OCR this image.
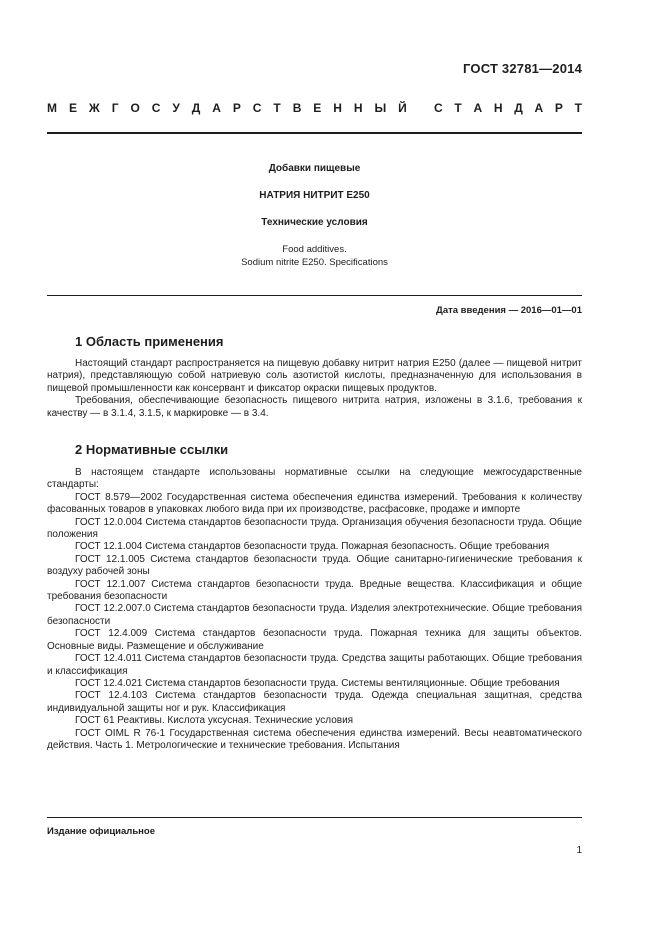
ГОСТ 32781—2014
М Е Ж Г О С У Д А Р С Т В Е Н Н Ы Й С Т А Н Д А Р Т
Добавки пищевые
НАТРИЯ НИТРИТ Е250
Технические условия
Food additives.
Sodium nitrite E250. Specifications
Дата введения — 2016—01—01
1 Область применения

Настоящий стандарт распространяется на пищевую добавку нитрит натрия Е250 (далее — пищевой нитрит натрия), представляющую собой натриевую соль азотистой кислоты, предназначенную для использования в пищевой промышленности как консервант и фиксатор окраски пищевых продуктов.

Требования, обеспечивающие безопасность пищевого нитрита натрия, изложены в 3.1.6, требования к качеству — в 3.1.4, 3.1.5, к маркировке — в 3.4.

2 Нормативные ссылки

В настоящем стандарте использованы нормативные ссылки на следующие межгосударственные стандарты:

ГОСТ 8.579—2002 Государственная система обеспечения единства измерений. Требования к количеству фасованных товаров в упаковках любого вида при их производстве, расфасовке, продаже и импорте

ГОСТ 12.0.004 Система стандартов безопасности труда. Организация обучения безопасности труда. Общие положения

ГОСТ 12.1.004 Система стандартов безопасности труда. Пожарная безопасность. Общие требования

ГОСТ 12.1.005 Система стандартов безопасности труда. Общие санитарно-гигиенические требования к воздуху рабочей зоны

ГОСТ 12.1.007 Система стандартов безопасности труда. Вредные вещества. Классификация и общие требования безопасности

ГОСТ 12.2.007.0 Система стандартов безопасности труда. Изделия электротехнические. Общие требования безопасности

ГОСТ 12.4.009 Система стандартов безопасности труда. Пожарная техника для защиты объектов. Основные виды. Размещение и обслуживание

ГОСТ 12.4.011 Система стандартов безопасности труда. Средства защиты работающих. Общие требования и классификация

ГОСТ 12.4.021 Система стандартов безопасности труда. Системы вентиляционные. Общие требования

ГОСТ 12.4.103 Система стандартов безопасности труда. Одежда специальная защитная, средства индивидуальной защиты ног и рук. Классификация

ГОСТ 61 Реактивы. Кислота уксусная. Технические условия

ГОСТ OIML R 76-1 Государственная система обеспечения единства измерений. Весы неавтоматического действия. Часть 1. Метрологические и технические требования. Испытания

Издание официальное
1
